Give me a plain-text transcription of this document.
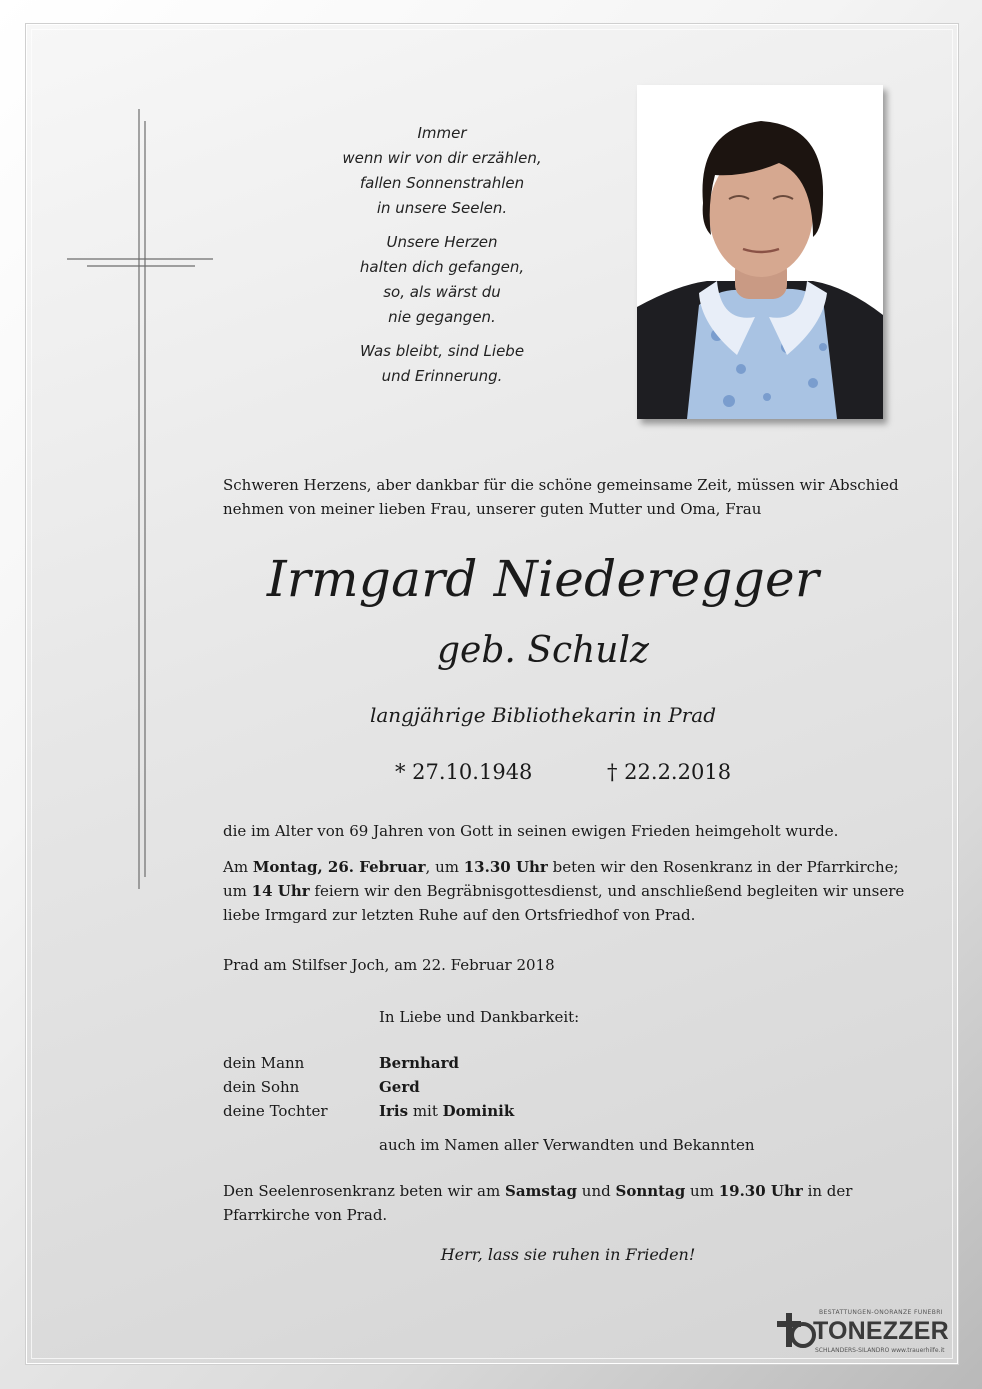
Immer
wenn wir von dir erzählen,
fallen Sonnenstrahlen
in unsere Seelen.
Unsere Herzen
halten dich gefangen,
so, als wärst du
nie gegangen.
Was bleibt, sind Liebe
und Erinnerung.
Schweren Herzens, aber dankbar für die schöne gemeinsame Zeit, müssen wir Abschied nehmen von meiner lieben Frau, unserer guten Mutter und Oma, Frau
Irmgard Niederegger
geb. Schulz
langjährige Bibliothekarin in Prad
* 27.10.1948	† 22.2.2018
die im Alter von 69 Jahren von Gott in seinen ewigen Frieden heimgeholt wurde.
Am Montag, 26. Februar, um 13.30 Uhr beten wir den Rosenkranz in der Pfarrkirche; um 14 Uhr feiern wir den Begräbnisgottesdienst, und anschließend begleiten wir unsere liebe Irmgard zur letzten Ruhe auf den Ortsfriedhof von Prad.
Prad am Stilfser Joch, am 22. Februar 2018
In Liebe und Dankbarkeit:
dein Mann	Bernhard
dein Sohn	Gerd
deine Tochter	Iris mit Dominik
auch im Namen aller Verwandten und Bekannten
Den Seelenrosenkranz beten wir am Samstag und Sonntag um 19.30 Uhr in der Pfarrkirche von Prad.
Herr, lass sie ruhen in Frieden!
BESTATTUNGEN-ONORANZE FUNEBRI
TONEZZER
SCHLANDERS-SILANDRO www.trauerhilfe.it
